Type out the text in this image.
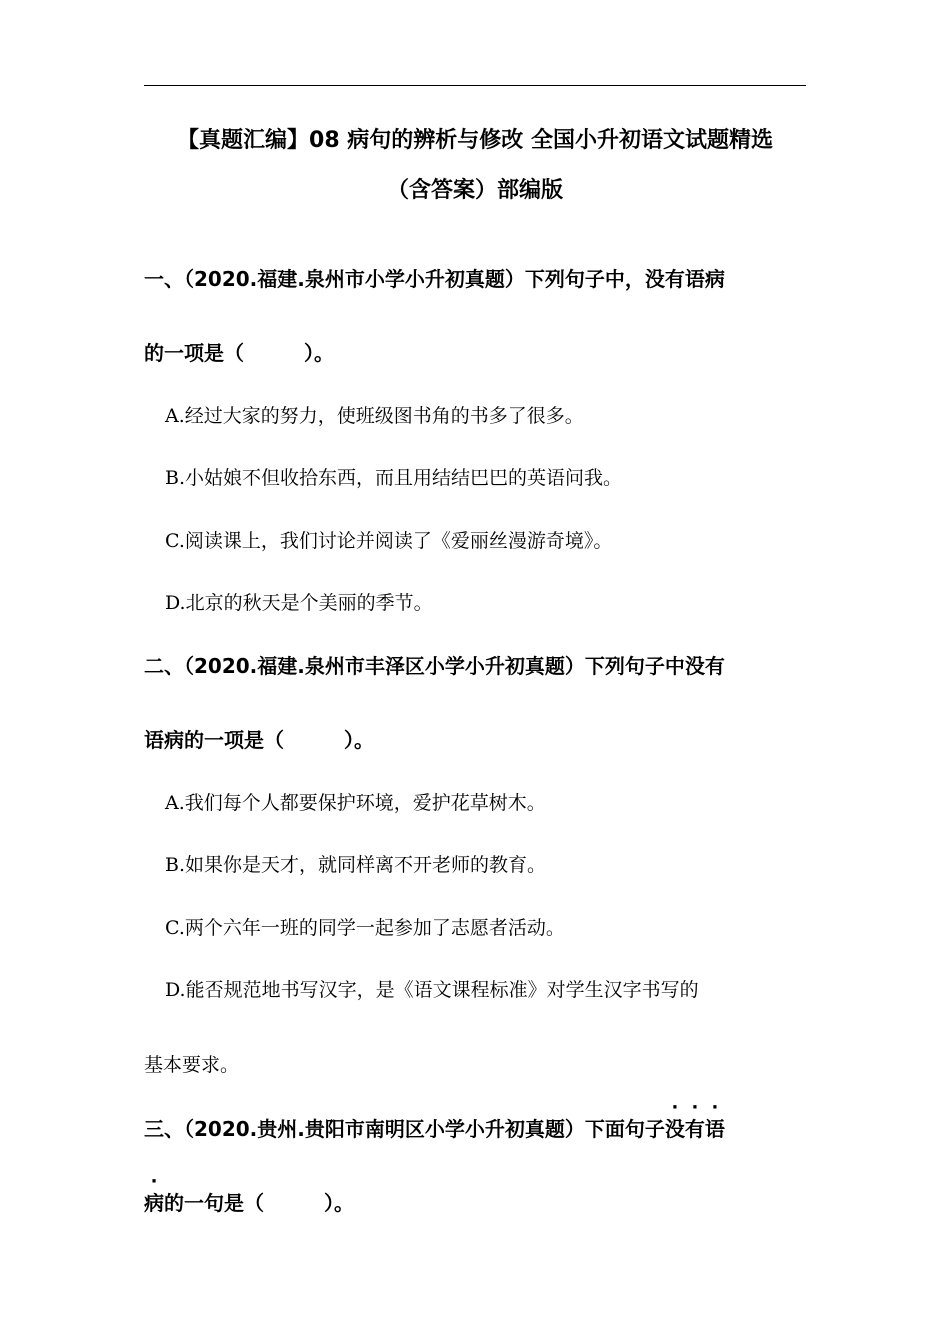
【真题汇编】08 病句的辨析与修改 全国小升初语文试题精选
（含答案）部编版
一、（2020.福建.泉州市小学小升初真题）下列句子中，没有语病
的一项是（　　　）。
A.经过大家的努力，使班级图书角的书多了很多。
B.小姑娘不但收拾东西，而且用结结巴巴的英语问我。
C.阅读课上，我们讨论并阅读了《爱丽丝漫游奇境》。
D.北京的秋天是个美丽的季节。
二、（2020.福建.泉州市丰泽区小学小升初真题）下列句子中没有
语病的一项是（　　　）。
A.我们每个人都要保护环境，爱护花草树木。
B.如果你是天才，就同样离不开老师的教育。
C.两个六年一班的同学一起参加了志愿者活动。
D.能否规范地书写汉字，是《语文课程标准》对学生汉字书写的
基本要求。
三、（2020.贵州.贵阳市南明区小学小升初真题）下面句子没有语
病的一句是（　　　）。
